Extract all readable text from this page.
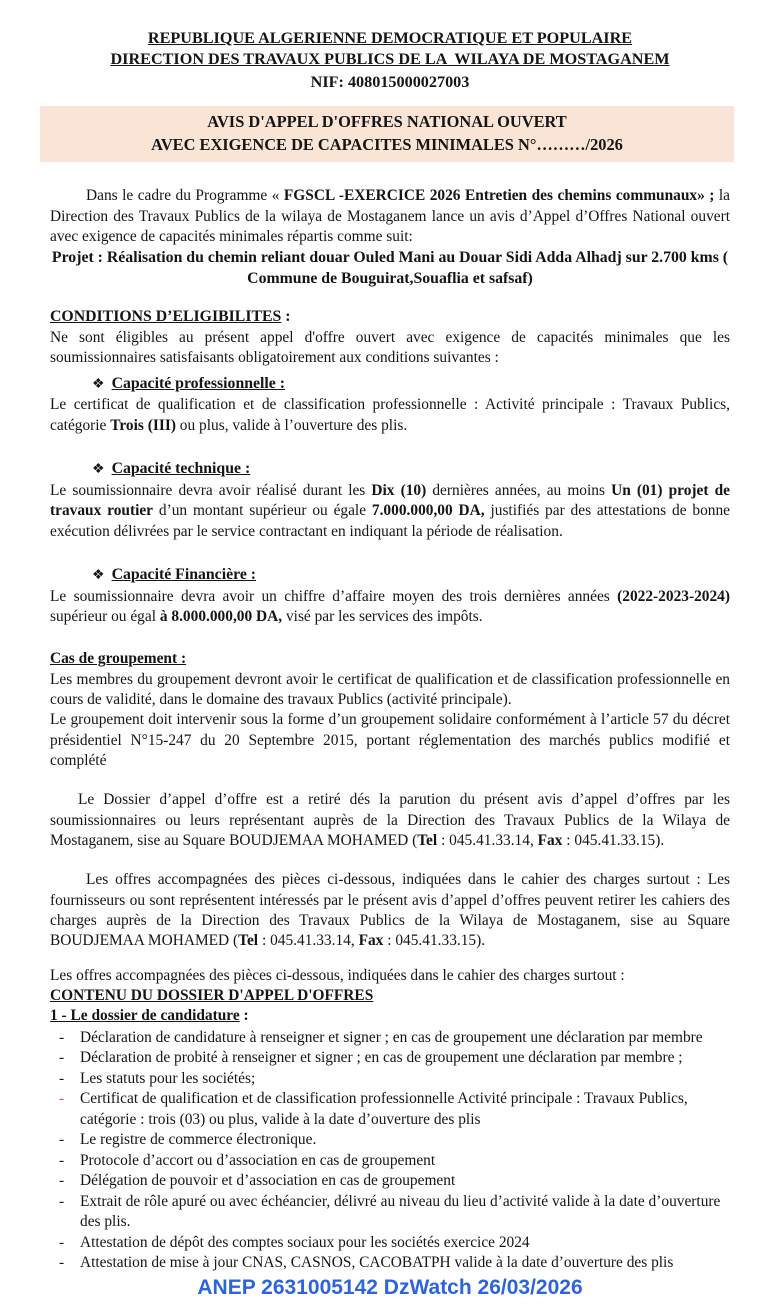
REPUBLIQUE ALGERIENNE DEMOCRATIQUE ET POPULAIRE
DIRECTION DES TRAVAUX PUBLICS DE LA  WILAYA DE MOSTAGANEM
NIF: 408015000027003
AVIS D'APPEL D'OFFRES NATIONAL OUVERT
AVEC EXIGENCE DE CAPACITES MINIMALES N°………/2026

Dans le cadre du Programme « FGSCL -EXERCICE 2026 Entretien des chemins communaux» ; la Direction des Travaux Publics de la wilaya de Mostaganem lance un avis d’Appel d’Offres National ouvert avec exigence de capacités minimales répartis comme suit:

Projet : Réalisation du chemin reliant douar Ouled Mani au Douar Sidi Adda Alhadj sur 2.700 kms ( Commune de Bouguirat,Souaflia et safsaf)

CONDITIONS D’ELIGIBILITES :

Ne sont éligibles au présent appel d'offre ouvert avec exigence de capacités minimales que les soumissionnaires satisfaisants obligatoirement aux conditions suivantes :

❖ Capacité professionnelle :

Le certificat de qualification et de classification professionnelle : Activité principale : Travaux Publics, catégorie Trois (III) ou plus, valide à l’ouverture des plis.

❖ Capacité technique :

Le soumissionnaire devra avoir réalisé durant les Dix (10) dernières années, au moins Un (01) projet de travaux routier d’un montant supérieur ou égale 7.000.000,00 DA, justifiés par des attestations de bonne exécution délivrées par le service contractant en indiquant la période de réalisation.

❖ Capacité Financière :

Le soumissionnaire devra avoir un chiffre d’affaire moyen des trois dernières années (2022-2023-2024) supérieur ou égal à 8.000.000,00 DA, visé par les services des impôts.

Cas de groupement :

Les membres du groupement devront avoir le certificat de qualification et de classification professionnelle en cours de validité, dans le domaine des travaux Publics (activité principale).

Le groupement doit intervenir sous la forme d’un groupement solidaire conformément à l’article 57 du décret présidentiel N°15-247 du 20 Septembre 2015, portant réglementation des marchés publics modifié et complété

Le Dossier d’appel d’offre est a retiré dés la parution du présent avis d’appel d’offres par les soumissionnaires ou leurs représentant auprès de la Direction des Travaux Publics de la Wilaya de Mostaganem, sise au Square BOUDJEMAA MOHAMED (Tel : 045.41.33.14, Fax : 045.41.33.15).

Les offres accompagnées des pièces ci-dessous, indiquées dans le cahier des charges surtout : Les fournisseurs ou sont représentent intéressés par le présent avis d’appel d’offres peuvent retirer les cahiers des charges auprès de la Direction des Travaux Publics de la Wilaya de Mostaganem, sise au Square BOUDJEMAA MOHAMED (Tel : 045.41.33.14, Fax : 045.41.33.15).

Les offres accompagnées des pièces ci-dessous, indiquées dans le cahier des charges surtout :

CONTENU DU DOSSIER D'APPEL D'OFFRES

1 - Le dossier de candidature :

-	Déclaration de candidature à renseigner et signer ; en cas de groupement une déclaration par membre
-	Déclaration de probité à renseigner et signer ; en cas de groupement une déclaration par membre ;
-	Les statuts pour les sociétés;
-	Certificat de qualification et de classification professionnelle Activité principale : Travaux Publics, catégorie : trois (03) ou plus, valide à la date d’ouverture des plis
-	Le registre de commerce électronique.
-	Protocole d’accort ou d’association en cas de groupement
-	Délégation de pouvoir et d’association en cas de groupement
-	Extrait de rôle apuré ou avec échéancier, délivré au niveau du lieu d’activité valide à la date d’ouverture des plis.
-	Attestation de dépôt des comptes sociaux pour les sociétés exercice 2024
-	Attestation de mise à jour CNAS, CASNOS, CACOBATPH valide à la date d’ouverture des plis
ANEP 2631005142 DzWatch 26/03/2026
